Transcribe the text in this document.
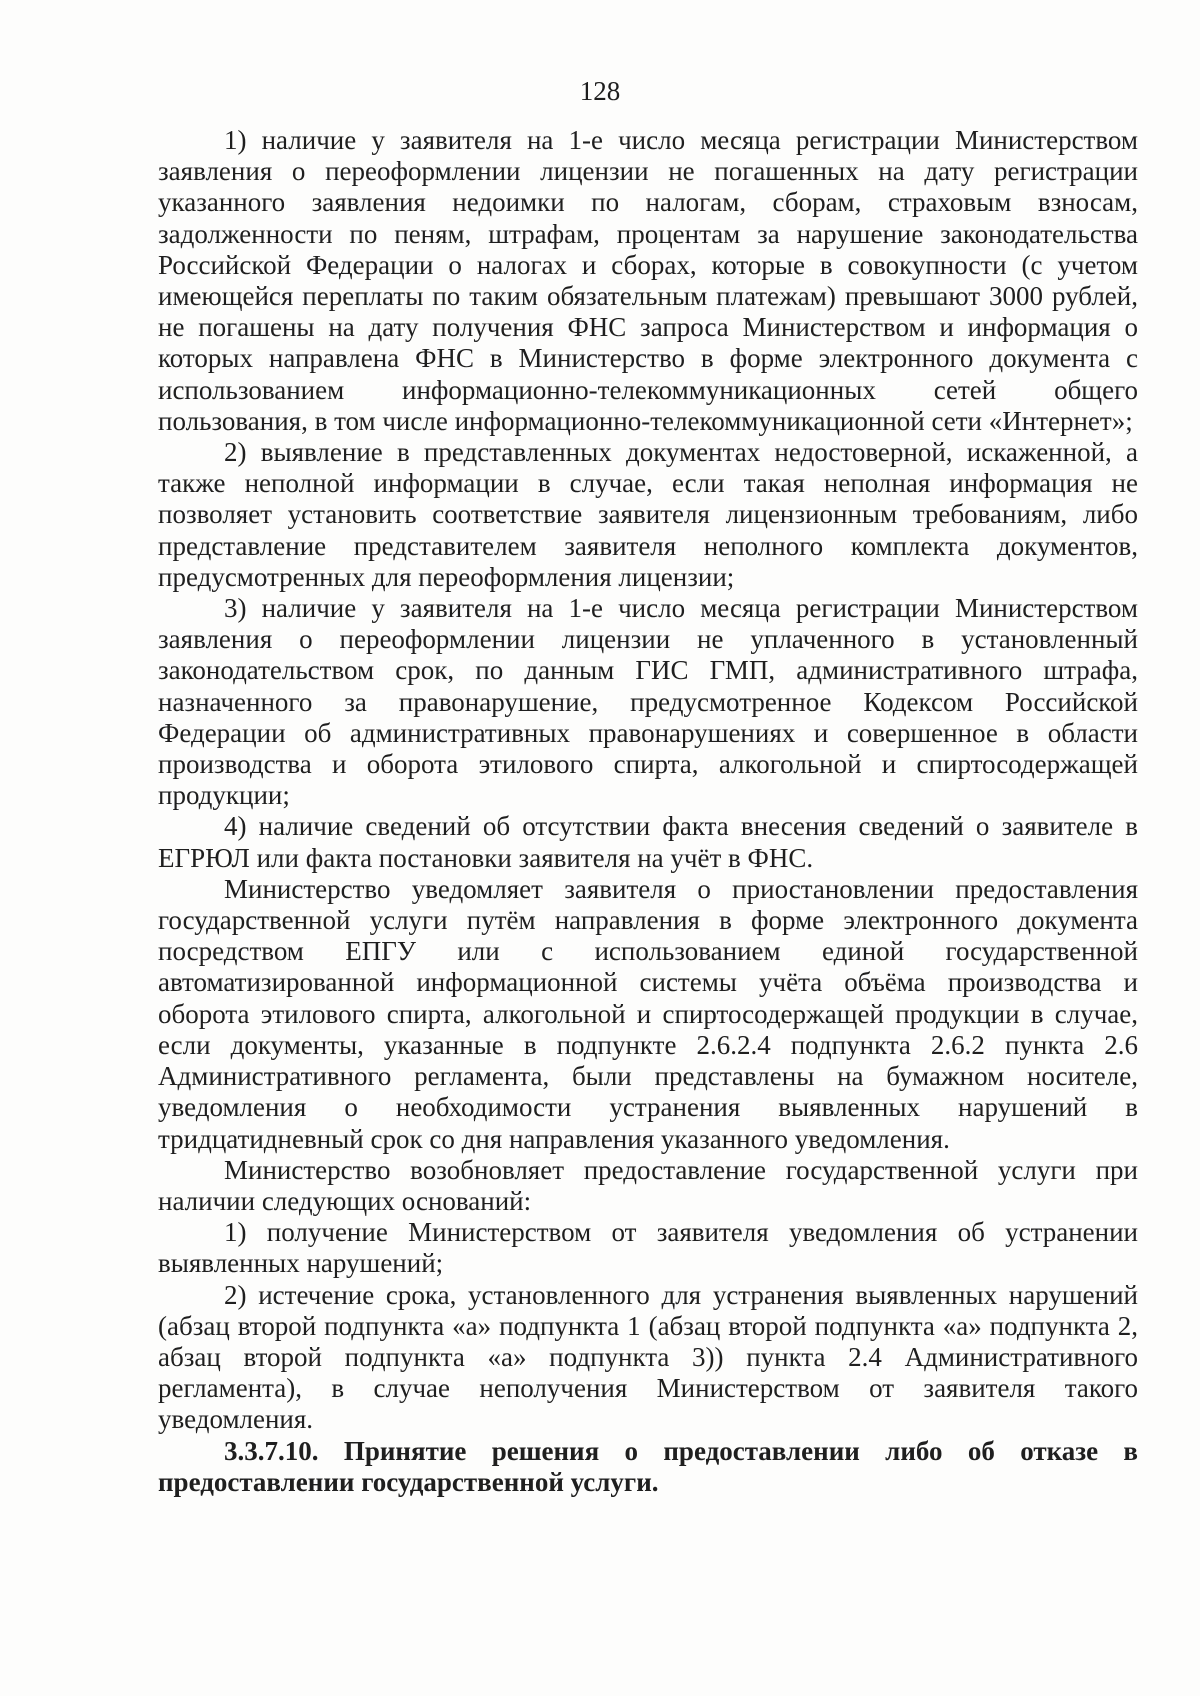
128

1) наличие у заявителя на 1-е число месяца регистрации Министерством заявления о переоформлении лицензии не погашенных на дату регистрации указанного заявления недоимки по налогам, сборам, страховым взносам, задолженности по пеням, штрафам, процентам за нарушение законодательства Российской Федерации о налогах и сборах, которые в совокупности (с учетом имеющейся переплаты по таким обязательным платежам) превышают 3000 рублей, не погашены на дату получения ФНС запроса Министерством и информация о которых направлена ФНС в Министерство в форме электронного документа с использованием информационно-телекоммуникационных сетей общего пользования, в том числе информационно-телекоммуникационной сети «Интернет»;

2) выявление в представленных документах недостоверной, искаженной, а также неполной информации в случае, если такая неполная информация не позволяет установить соответствие заявителя лицензионным требованиям, либо представление представителем заявителя неполного комплекта документов, предусмотренных для переоформления лицензии;

3) наличие у заявителя на 1-е число месяца регистрации Министерством заявления о переоформлении лицензии не уплаченного в установленный законодательством срок, по данным ГИС ГМП, административного штрафа, назначенного за правонарушение, предусмотренное Кодексом Российской Федерации об административных правонарушениях и совершенное в области производства и оборота этилового спирта, алкогольной и спиртосодержащей продукции;

4) наличие сведений об отсутствии факта внесения сведений о заявителе в ЕГРЮЛ или факта постановки заявителя на учёт в ФНС.

Министерство уведомляет заявителя о приостановлении предоставления государственной услуги путём направления в форме электронного документа посредством ЕПГУ или с использованием единой государственной автоматизированной информационной системы учёта объёма производства и оборота этилового спирта, алкогольной и спиртосодержащей продукции в случае, если документы, указанные в подпункте 2.6.2.4 подпункта 2.6.2 пункта 2.6 Административного регламента, были представлены на бумажном носителе, уведомления о необходимости устранения выявленных нарушений в тридцатидневный срок со дня направления указанного уведомления.

Министерство возобновляет предоставление государственной услуги при наличии следующих оснований:

1) получение Министерством от заявителя уведомления об устранении выявленных нарушений;

2) истечение срока, установленного для устранения выявленных нарушений (абзац второй подпункта «а» подпункта 1 (абзац второй подпункта «а» подпункта 2, абзац второй подпункта «а» подпункта 3)) пункта 2.4 Административного регламента), в случае неполучения Министерством от заявителя такого уведомления.

3.3.7.10. Принятие решения о предоставлении либо об отказе в предоставлении государственной услуги.
